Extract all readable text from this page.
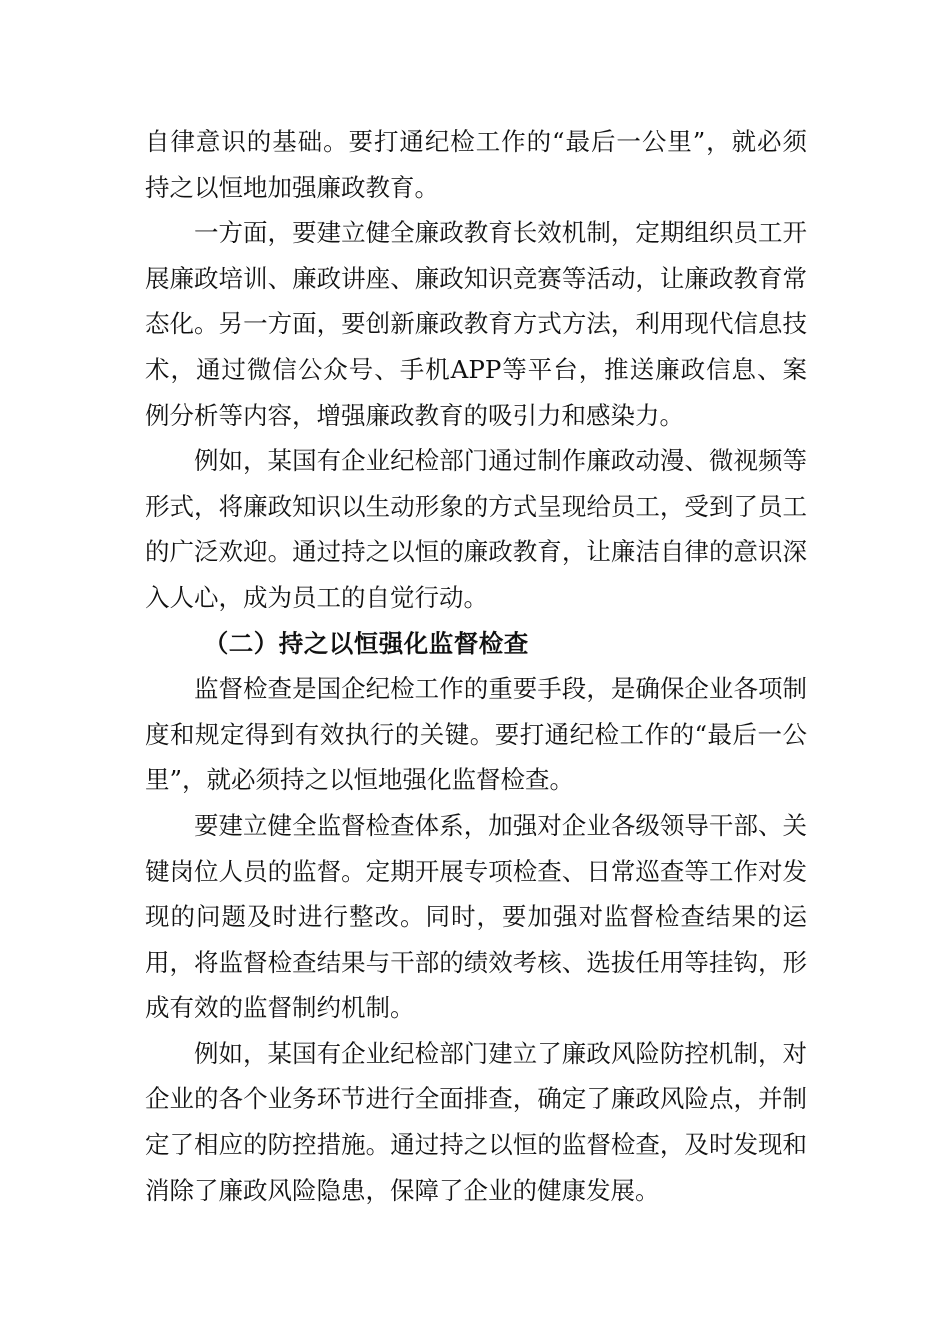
自律意识的基础。要打通纪检工作的“最后一公里”，就必须持之以恒地加强廉政教育。

一方面，要建立健全廉政教育长效机制，定期组织员工开展廉政培训、廉政讲座、廉政知识竞赛等活动，让廉政教育常态化。另一方面，要创新廉政教育方式方法，利用现代信息技术，通过微信公众号、手机APP等平台，推送廉政信息、案例分析等内容，增强廉政教育的吸引力和感染力。

例如，某国有企业纪检部门通过制作廉政动漫、微视频等形式，将廉政知识以生动形象的方式呈现给员工，受到了员工的广泛欢迎。通过持之以恒的廉政教育，让廉洁自律的意识深入人心，成为员工的自觉行动。

（二）持之以恒强化监督检查

监督检查是国企纪检工作的重要手段，是确保企业各项制度和规定得到有效执行的关键。要打通纪检工作的“最后一公里”，就必须持之以恒地强化监督检查。

要建立健全监督检查体系，加强对企业各级领导干部、关键岗位人员的监督。定期开展专项检查、日常巡查等工作对发现的问题及时进行整改。同时，要加强对监督检查结果的运用，将监督检查结果与干部的绩效考核、选拔任用等挂钩，形成有效的监督制约机制。

例如，某国有企业纪检部门建立了廉政风险防控机制，对企业的各个业务环节进行全面排查，确定了廉政风险点，并制定了相应的防控措施。通过持之以恒的监督检查，及时发现和消除了廉政风险隐患，保障了企业的健康发展。
